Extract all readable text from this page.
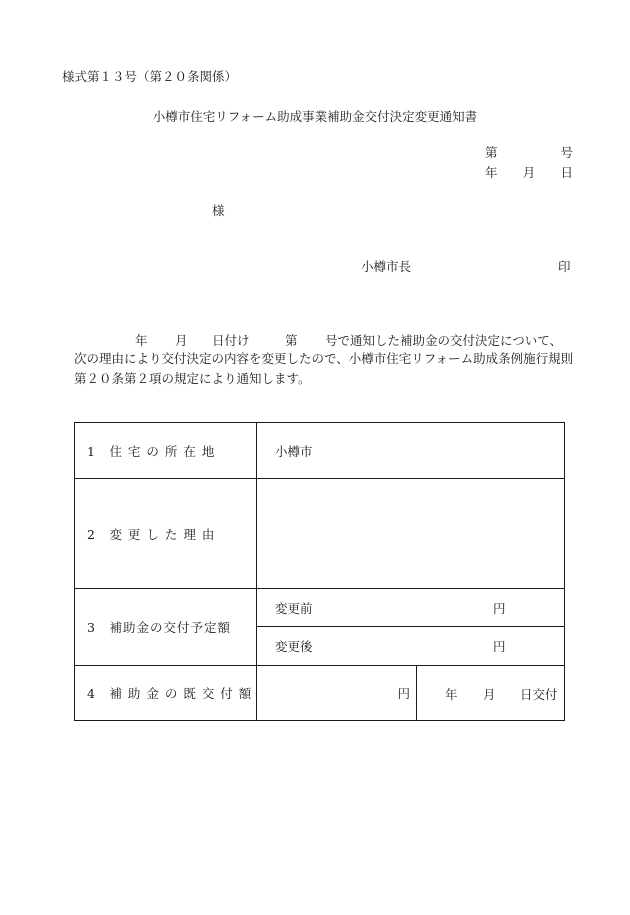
様式第１３号（第２０条関係）
小樽市住宅リフォーム助成事業補助金交付決定変更通知書
第	号
年 月 日
様
小樽市長	印
年 月 日付け	第 号で通知した補助金の交付決定について、
次の理由により交付決定の内容を変更したので、小樽市住宅リフォーム助成条例施行規則
第２０条第２項の規定により通知します。
1　住 宅 の 所 在 地	小樽市	
2　変 更 し た 理 由		
3　補助金の交付予定額	変更前 円	

	変更後 円	

4　補 助 金 の 既 交 付 額	円	年 月 日交付
